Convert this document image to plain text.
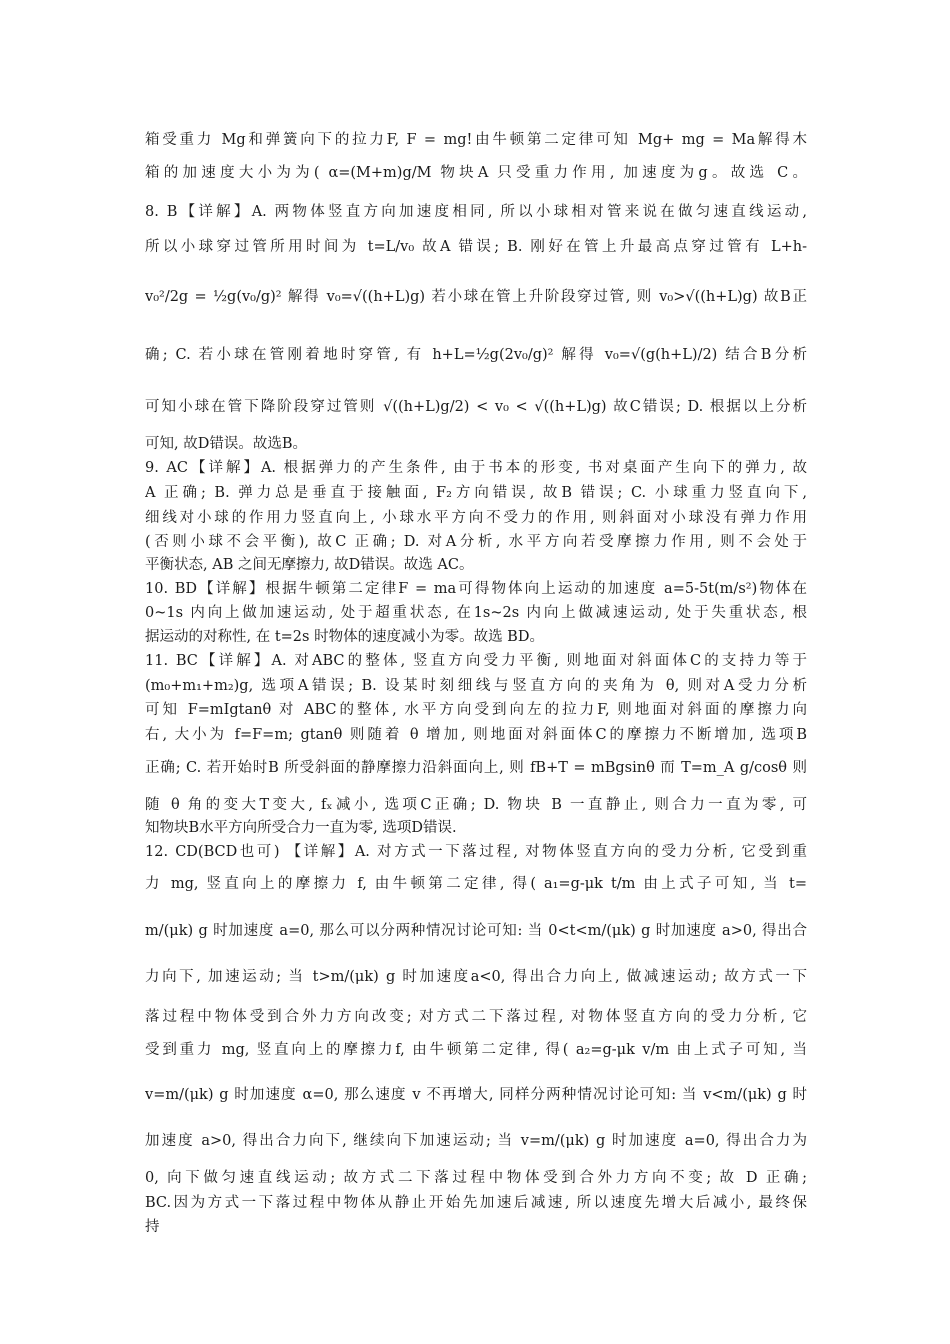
箱受重力 Mg和弹簧向下的拉力F, F = mg!由牛顿第二定律可知 Mg+ mg = Ma解得木
箱的加速度大小为为( α=(M+m)g/M 物块A 只受重力作用, 加速度为g。故选 C。
8. B【详解】A. 两物体竖直方向加速度相同, 所以小球相对管来说在做匀速直线运动,
所以小球穿过管所用时间为 t=L/v₀ 故A 错误; B. 刚好在管上升最高点穿过管有 L+h-
v₀²/2g = ½g(v₀/g)² 解得 v₀=√((h+L)g) 若小球在管上升阶段穿过管, 则 v₀>√((h+L)g) 故B正
确; C. 若小球在管刚着地时穿管, 有 h+L=½g(2v₀/g)² 解得 v₀=√(g(h+L)/2) 结合B分析
可知小球在管下降阶段穿过管则 √((h+L)g/2) < v₀ < √((h+L)g) 故C错误; D. 根据以上分析
可知, 故D错误。故选B。
9. AC【详解】A. 根据弹力的产生条件, 由于书本的形变, 书对桌面产生向下的弹力, 故
A 正确; B. 弹力总是垂直于接触面, F₂方向错误, 故B 错误; C. 小球重力竖直向下,
细线对小球的作用力竖直向上, 小球水平方向不受力的作用, 则斜面对小球没有弹力作用
(否则小球不会平衡), 故C 正确; D. 对A分析, 水平方向若受摩擦力作用, 则不会处于
平衡状态, AB 之间无摩擦力, 故D错误。故选 AC。
10. BD【详解】根据牛顿第二定律F = ma可得物体向上运动的加速度 a=5-5t(m/s²)物体在
0~1s 内向上做加速运动, 处于超重状态, 在1s~2s 内向上做减速运动, 处于失重状态, 根
据运动的对称性, 在 t=2s 时物体的速度减小为零。故选 BD。
11. BC【详解】A. 对ABC的整体, 竖直方向受力平衡, 则地面对斜面体C的支持力等于
(m₀+m₁+m₂)g, 选项A错误; B. 设某时刻细线与竖直方向的夹角为 θ, 则对A受力分析
可知 F=mIgtanθ 对 ABC的整体, 水平方向受到向左的拉力F, 则地面对斜面的摩擦力向
右, 大小为 f=F=m; gtanθ 则随着 θ 增加, 则地面对斜面体C的摩擦力不断增加, 选项B
正确; C. 若开始时B 所受斜面的静摩擦力沿斜面向上, 则 fB+T = mBgsinθ 而 T=m_A g/cosθ 则
随 θ 角的变大T变大, fₓ减小, 选项C正确; D. 物块 B 一直静止, 则合力一直为零, 可
知物块B水平方向所受合力一直为零, 选项D错误.
12. CD(BCD也可) 【详解】A. 对方式一下落过程, 对物体竖直方向的受力分析, 它受到重
力 mg, 竖直向上的摩擦力 f, 由牛顿第二定律, 得( a₁=g-μk t/m 由上式子可知, 当 t=
m/(μk) g 时加速度 a=0, 那么可以分两种情况讨论可知: 当 0<t<m/(μk) g 时加速度 a>0, 得出合
力向下, 加速运动; 当 t>m/(μk) g 时加速度a<0, 得出合力向上, 做减速运动; 故方式一下
落过程中物体受到合外力方向改变; 对方式二下落过程, 对物体竖直方向的受力分析, 它
受到重力 mg, 竖直向上的摩擦力f, 由牛顿第二定律, 得( a₂=g-μk v/m 由上式子可知, 当
v=m/(μk) g 时加速度 α=0, 那么速度 v 不再增大, 同样分两种情况讨论可知: 当 v<m/(μk) g 时
加速度 a>0, 得出合力向下, 继续向下加速运动; 当 v=m/(μk) g 时加速度 a=0, 得出合力为
0, 向下做匀速直线运动; 故方式二下落过程中物体受到合外力方向不变; 故 D 正确;
BC.因为方式一下落过程中物体从静止开始先加速后减速, 所以速度先增大后减小, 最终保
持
